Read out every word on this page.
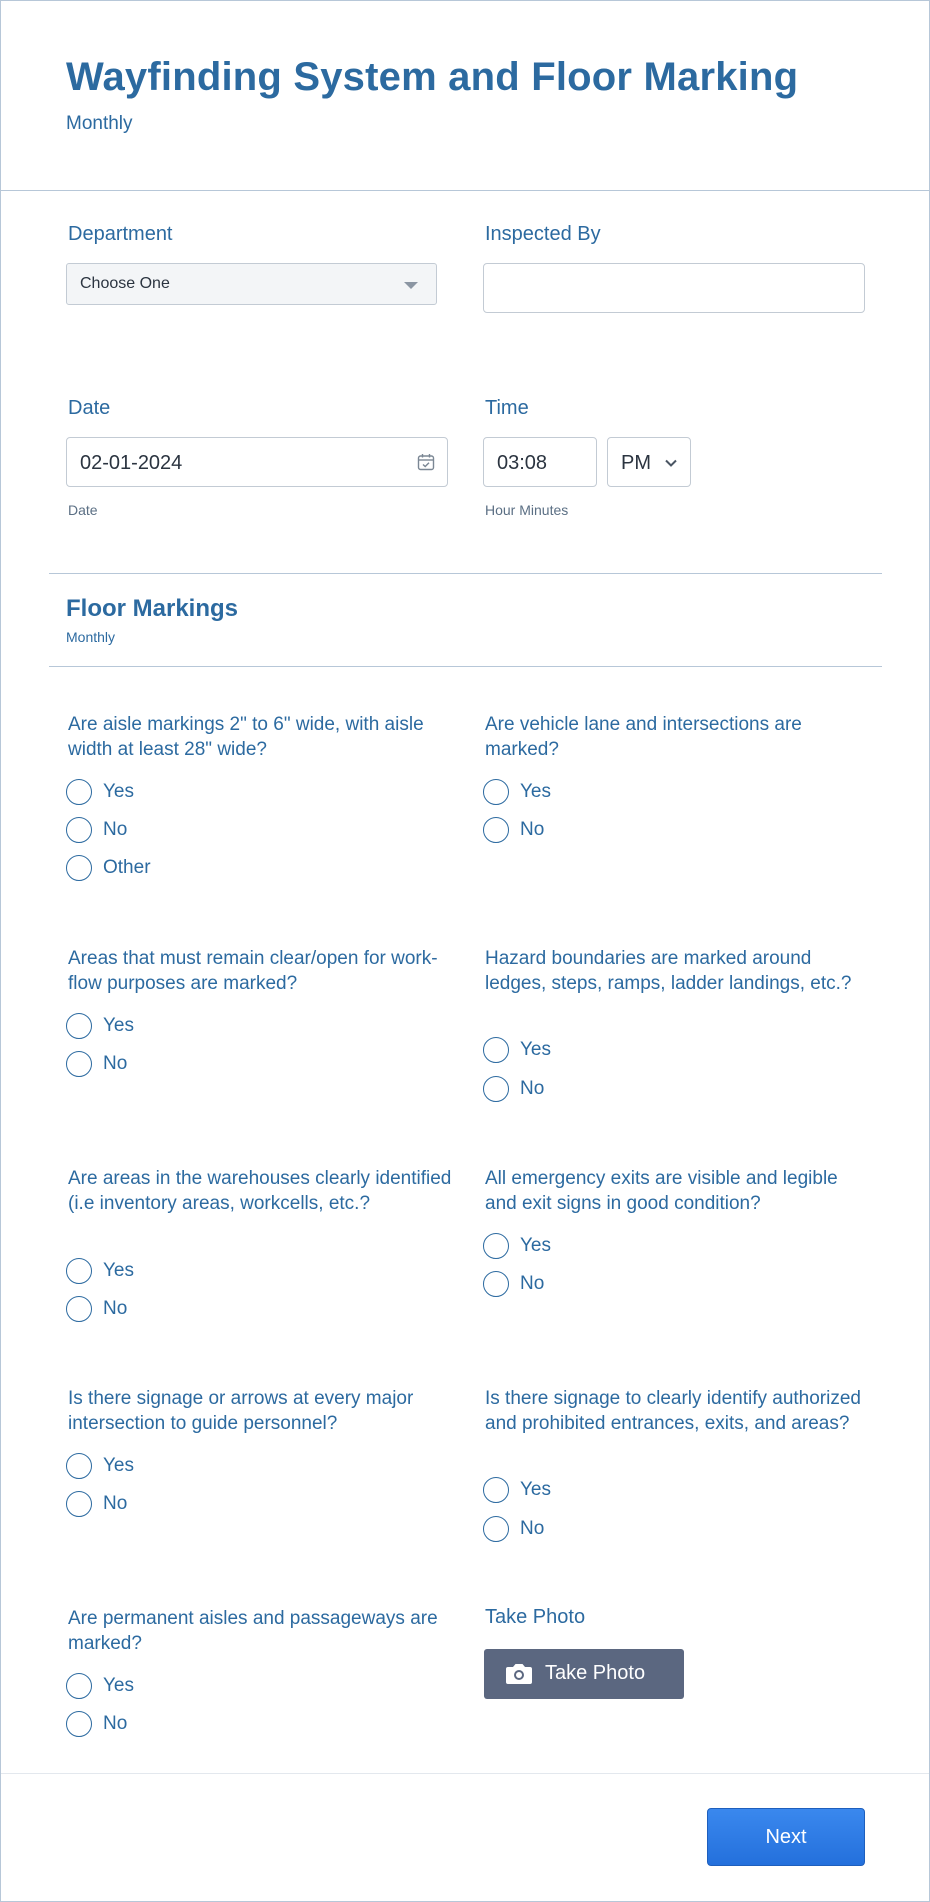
Wayfinding System and Floor Marking
Monthly
Department
Choose One
Inspected By
Date
02-01-2024
Date
Time
03:08	PM
Hour Minutes
Floor Markings
Monthly
Are aisle markings 2" to 6" wide, with aisle width at least 28" wide?
Yes
No
Other
Are vehicle lane and intersections are marked?
Yes
No
Areas that must remain clear/open for work-flow purposes are marked?
Yes
No
Hazard boundaries are marked around ledges, steps, ramps, ladder landings, etc.?
Yes
No
Are areas in the warehouses clearly identified (i.e inventory areas, workcells, etc.?
Yes
No
All emergency exits are visible and legible and exit signs in good condition?
Yes
No
Is there signage or arrows at every major intersection to guide personnel?
Yes
No
Is there signage to clearly identify authorized and prohibited entrances, exits, and areas?
Yes
No
Are permanent aisles and passageways are marked?
Yes
No
Take Photo
Take Photo
Next
